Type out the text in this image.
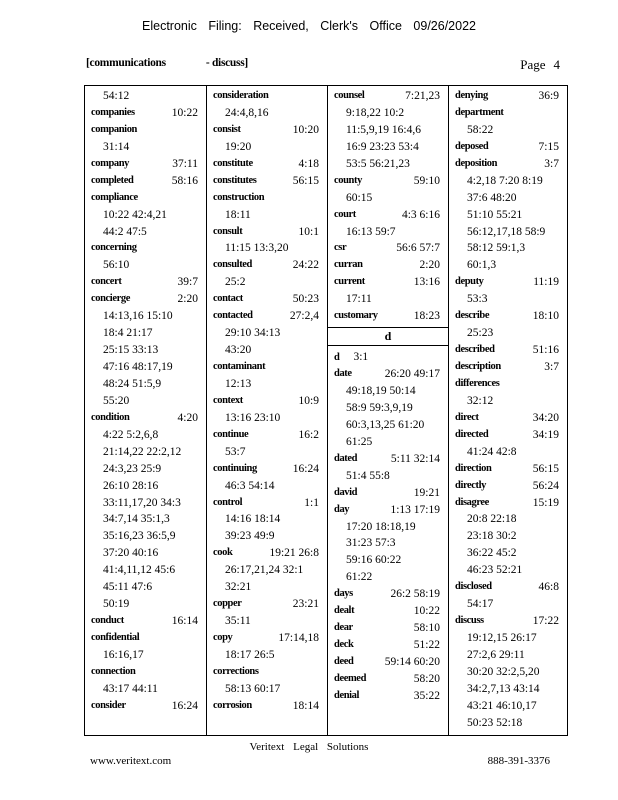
Electronic Filing: Received, Clerk's Office 09/26/2022
[communications	- discuss]	Page 4
54:12
companies	10:22
companion
31:14
company	37:11
completed	58:16
compliance
10:22 42:4,21
44:2 47:5
concerning
56:10
concert	39:7
concierge	2:20
14:13,16 15:10
18:4 21:17
25:15 33:13
47:16 48:17,19
48:24 51:5,9
55:20
condition	4:20
4:22 5:2,6,8
21:14,22 22:2,12
24:3,23 25:9
26:10 28:16
33:11,17,20 34:3
34:7,14 35:1,3
35:16,23 36:5,9
37:20 40:16
41:4,11,12 45:6
45:11 47:6
50:19
conduct	16:14
confidential
16:16,17
connection
43:17 44:11
consider	16:24
consideration
24:4,8,16
consist	10:20
19:20
constitute	4:18
constitutes	56:15
construction
18:11
consult	10:1
11:15 13:3,20
consulted	24:22
25:2
contact	50:23
contacted	27:2,4
29:10 34:13
43:20
contaminant
12:13
context	10:9
13:16 23:10
continue	16:2
53:7
continuing	16:24
46:3 54:14
control	1:1
14:16 18:14
39:23 49:9
cook	19:21 26:8
26:17,21,24 32:1
32:21
copper	23:21
35:11
copy	17:14,18
18:17 26:5
corrections
58:13 60:17
corrosion	18:14
counsel	7:21,23
9:18,22 10:2
11:5,9,19 16:4,6
16:9 23:23 53:4
53:5 56:21,23
county	59:10
60:15
court	4:3 6:16
16:13 59:7
csr	56:6 57:7
curran	2:20
current	13:16
17:11
customary	18:23
d
d 3:1
date	26:20 49:17
49:18,19 50:14
58:9 59:3,9,19
60:3,13,25 61:20
61:25
dated	5:11 32:14
51:4 55:8
david	19:21
day	1:13 17:19
17:20 18:18,19
31:23 57:3
59:16 60:22
61:22
days	26:2 58:19
dealt	10:22
dear	58:10
deck	51:22
deed	59:14 60:20
deemed	58:20
denial	35:22
denying	36:9
department
58:22
deposed	7:15
deposition	3:7
4:2,18 7:20 8:19
37:6 48:20
51:10 55:21
56:12,17,18 58:9
58:12 59:1,3
60:1,3
deputy	11:19
53:3
describe	18:10
25:23
described	51:16
description	3:7
differences
32:12
direct	34:20
directed	34:19
41:24 42:8
direction	56:15
directly	56:24
disagree	15:19
20:8 22:18
23:18 30:2
36:22 45:2
46:23 52:21
disclosed	46:8
54:17
discuss	17:22
19:12,15 26:17
27:2,6 29:11
30:20 32:2,5,20
34:2,7,13 43:14
43:21 46:10,17
50:23 52:18
Veritext Legal Solutions
www.veritext.com	888-391-3376
